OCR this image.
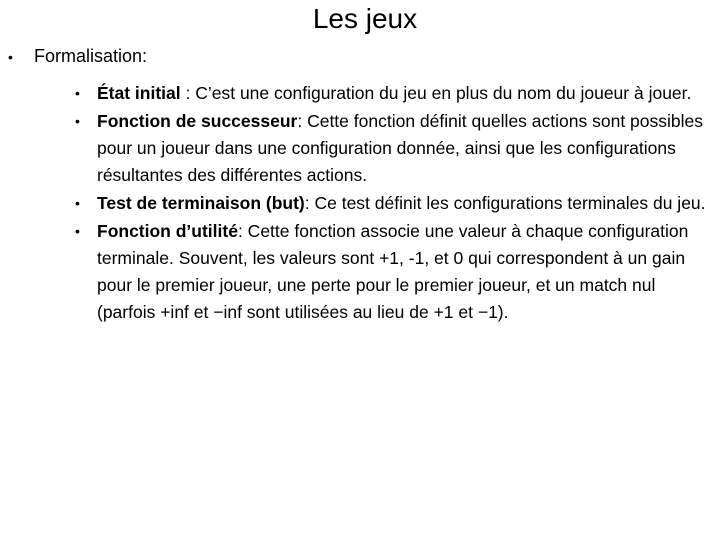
Les jeux
•	Formalisation:
• État initial : C’est une configuration du jeu en plus du nom du joueur à jouer.
• Fonction de successeur: Cette fonction définit quelles actions sont possibles pour un joueur dans une configuration donnée, ainsi que les configurations résultantes des différentes actions.
• Test de terminaison (but): Ce test définit les configurations terminales du jeu.
• Fonction d’utilité: Cette fonction associe une valeur à chaque configuration terminale. Souvent, les valeurs sont +1, -1, et 0 qui correspondent à un gain pour le premier joueur, une perte pour le premier joueur, et un match nul (parfois +inf et −inf sont utilisées au lieu de +1 et −1).
